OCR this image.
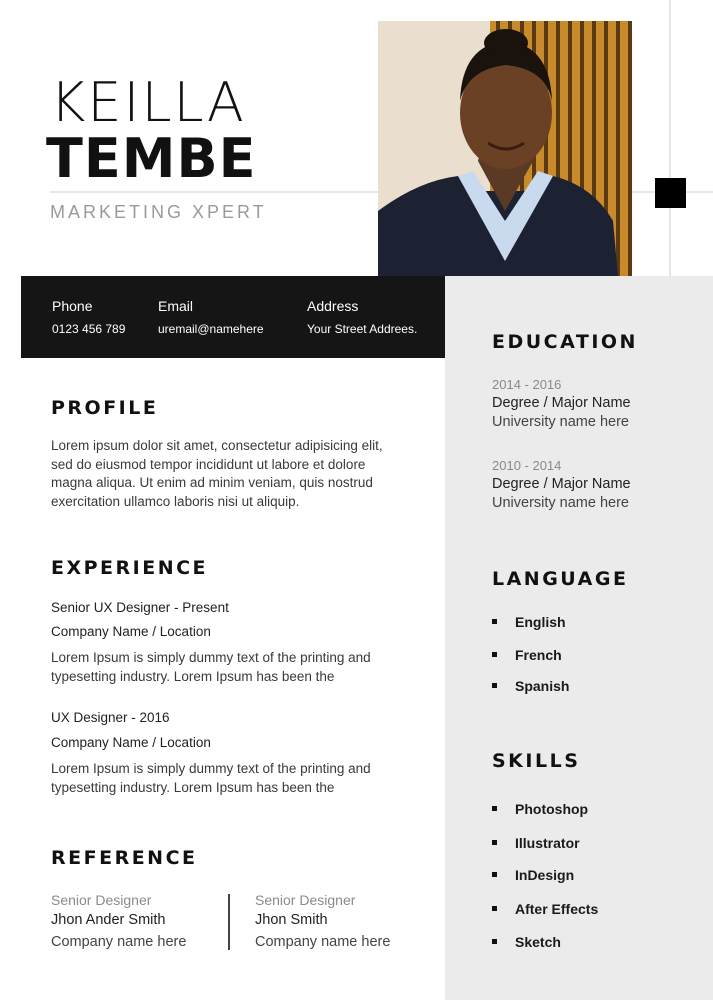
KEILLA
TEMBE
MARKETING XPERT
Phone
0123 456 789
Email
uremail@namehere
Address
Your Street Addrees.
PROFILE
Lorem ipsum dolor sit amet, consectetur adipisicing elit,
sed do eiusmod tempor incididunt ut labore et dolore
magna aliqua. Ut enim ad minim veniam, quis nostrud
exercitation ullamco laboris nisi ut aliquip.
EXPERIENCE
Senior UX Designer - Present
Company Name / Location
Lorem Ipsum is simply dummy text of the printing and
typesetting industry. Lorem Ipsum has been the
UX Designer - 2016
Company Name / Location
Lorem Ipsum is simply dummy text of the printing and
typesetting industry. Lorem Ipsum has been the
REFERENCE
Senior Designer
Jhon Ander Smith
Company name here
Senior Designer
Jhon Smith
Company name here
EDUCATION
2014 - 2016
Degree / Major Name
University name here
2010 - 2014
Degree / Major Name
University name here
LANGUAGE
English
French
Spanish
SKILLS
Photoshop
Illustrator
InDesign
After Effects
Sketch
